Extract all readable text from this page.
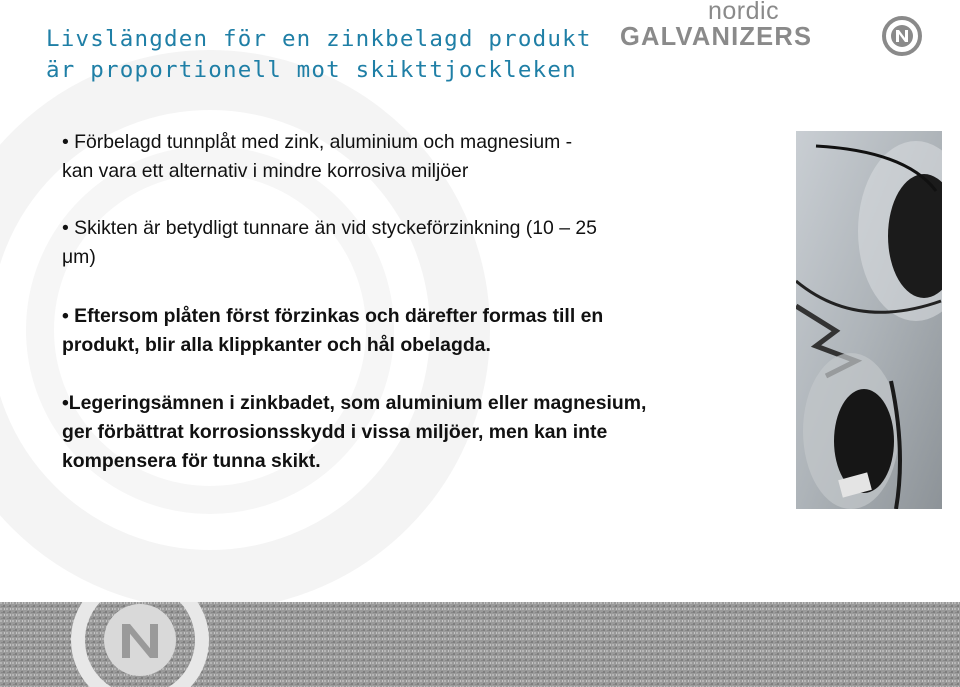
Livslängden för en zinkbelagd produkt
är proportionell mot skikttjockleken
nordic
GALVANIZERS

• Förbelagd tunnplåt med zink, aluminium och magnesium -
kan vara ett alternativ i mindre korrosiva miljöer

• Skikten är betydligt tunnare än vid styckeförzinkning (10 – 25
μm)

• Eftersom plåten först förzinkas och därefter formas till en
produkt, blir alla klippkanter och hål obelagda.

•Legeringsämnen i zinkbadet, som aluminium eller magnesium,
ger förbättrat korrosionsskydd i vissa miljöer, men kan inte
kompensera för tunna skikt.
